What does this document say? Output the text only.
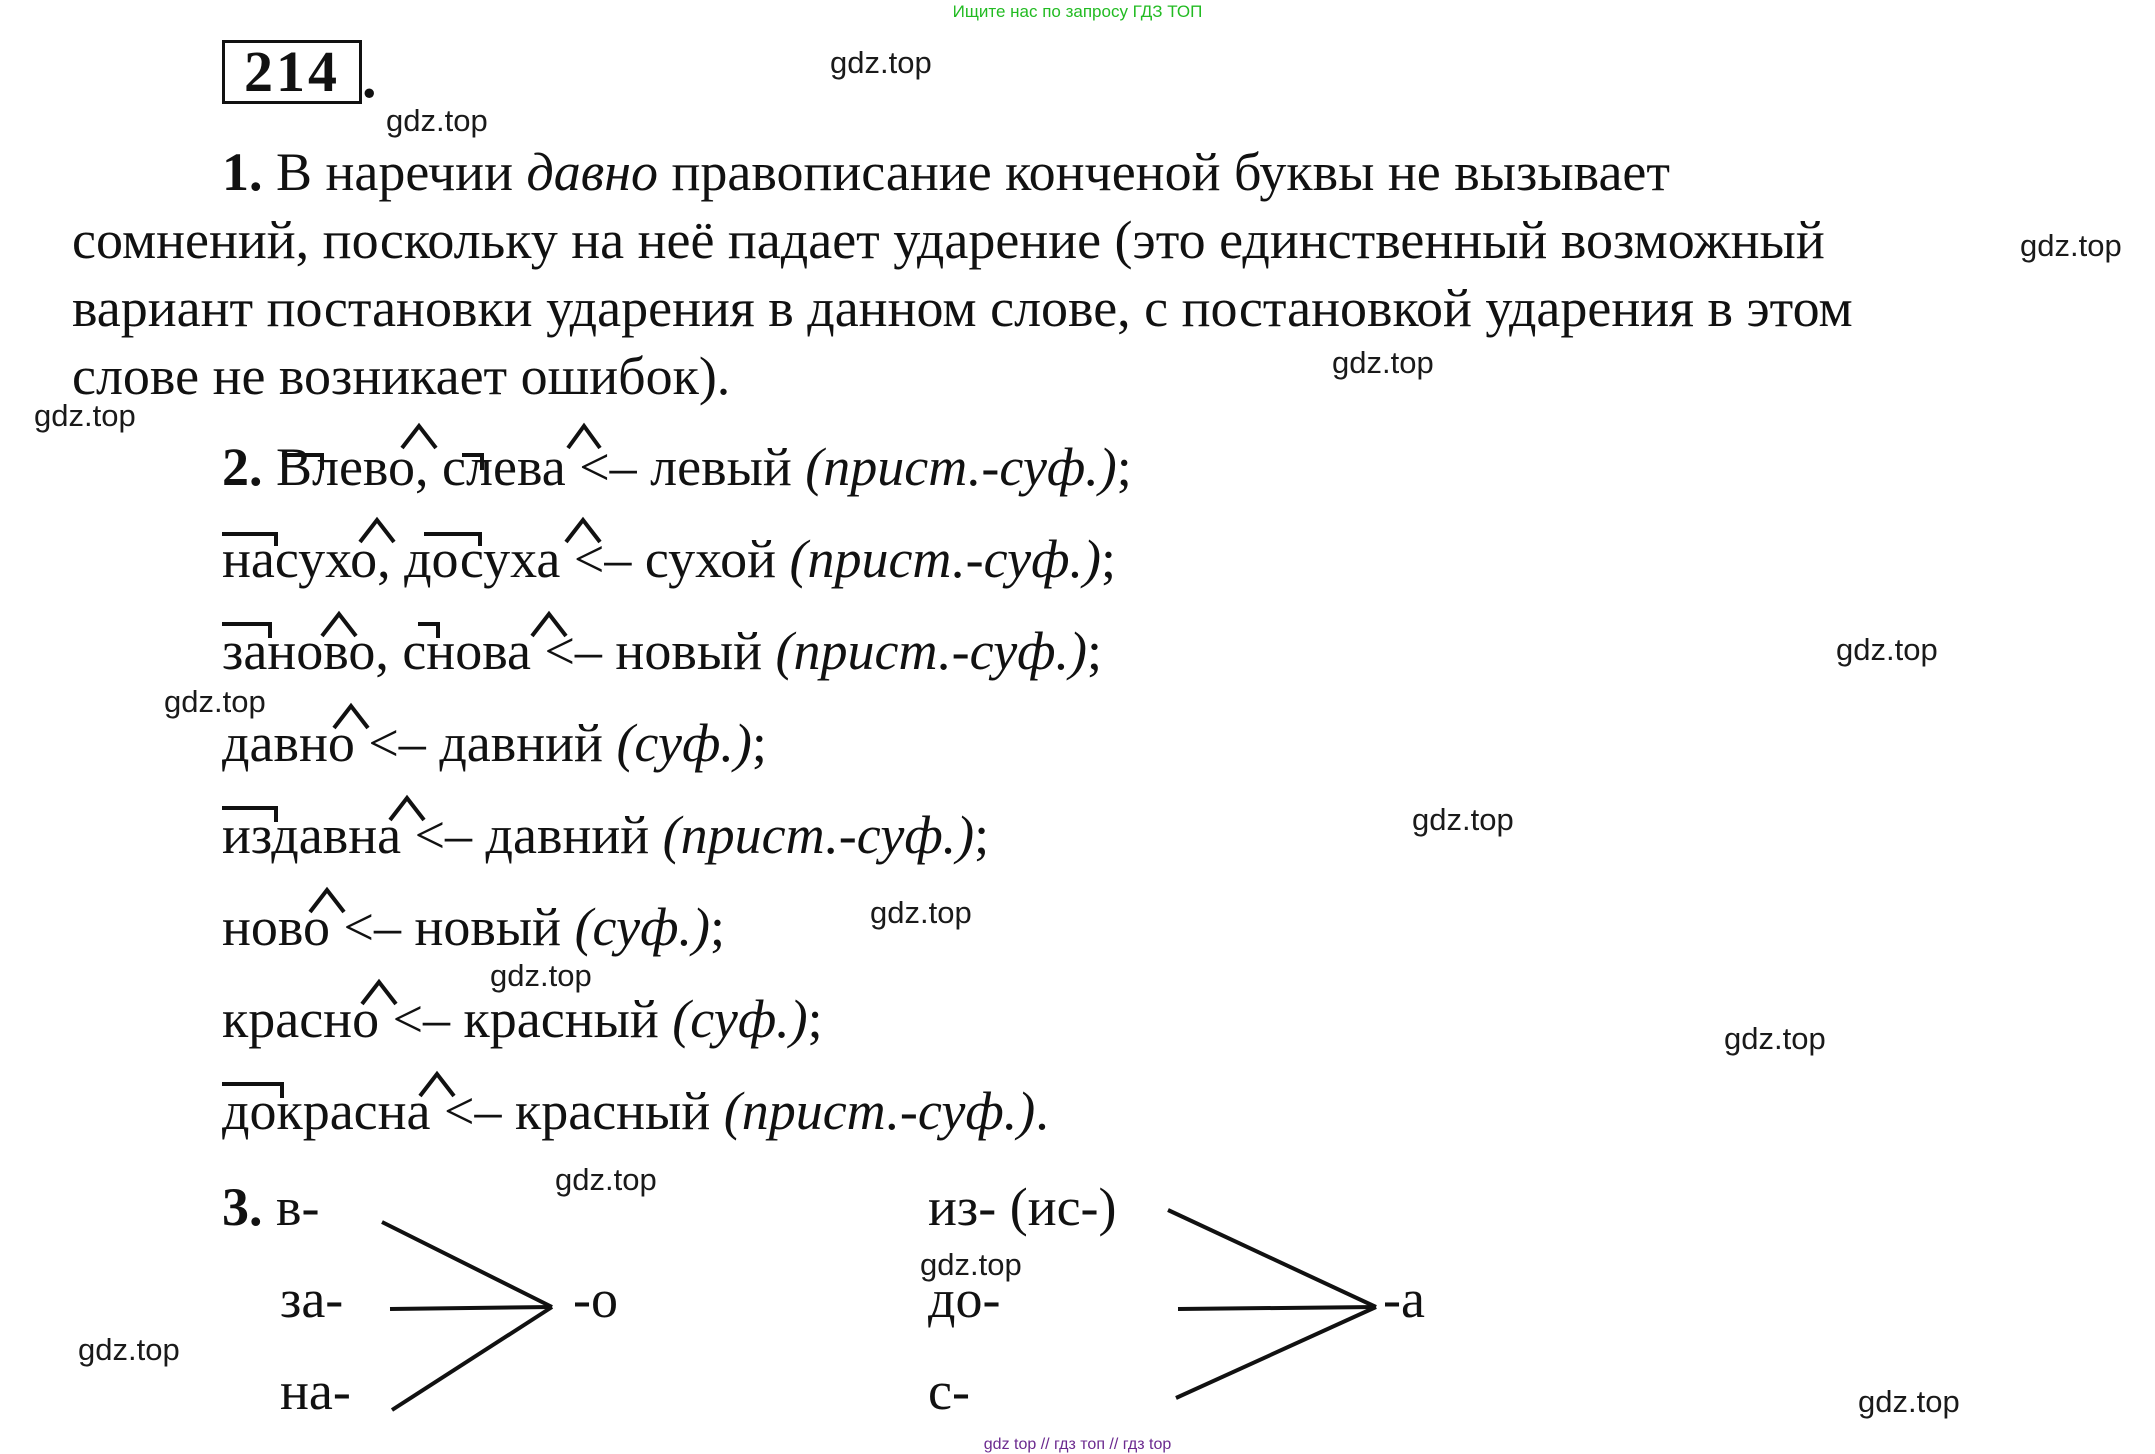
Ищите нас по запросу ГДЗ ТОП
gdz top // гдз топ // гдз top
214 .
1. В наречии давно правописание конченой буквы не вызывает
сомнений, поскольку на неё падает ударение (это единственный возможный
вариант постановки ударения в данном слове, с постановкой ударения в этом
слове не возникает ошибок).
2. Влево, слева <– левый (прист.-суф.);
насухо, досуха <– сухой (прист.-суф.);
заново, снова <– новый (прист.-суф.);
давно <– давний (суф.);
издавна <– давний (прист.-суф.);
ново <– новый (суф.);
красно <– красный (суф.);
докрасна <– красный (прист.-суф.).
3. в-
за-
на-
-о
из- (ис-)
до-
с-
-а
gdz.top
gdz.top
gdz.top
gdz.top
gdz.top
gdz.top
gdz.top
gdz.top
gdz.top
gdz.top
gdz.top
gdz.top
gdz.top
gdz.top
gdz.top
